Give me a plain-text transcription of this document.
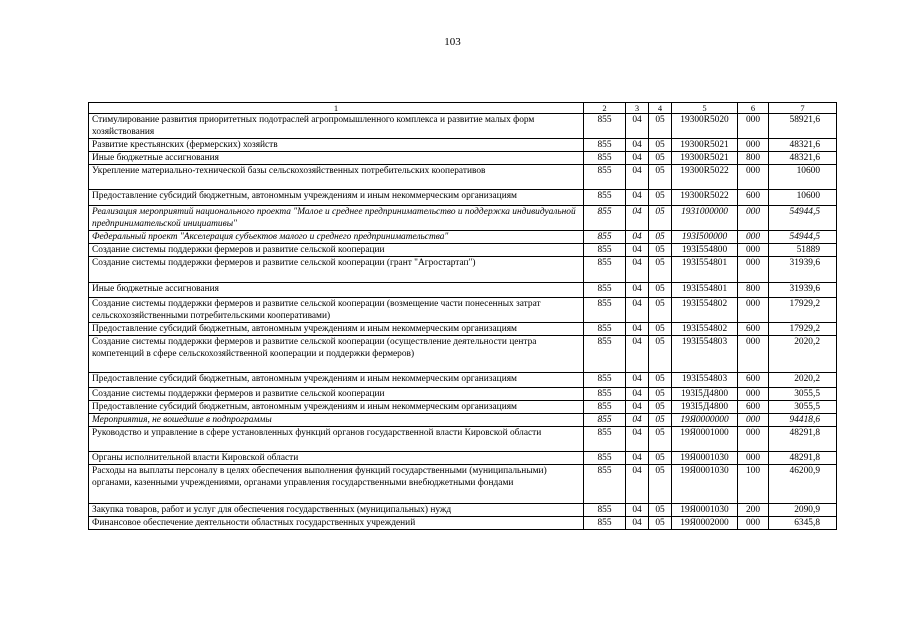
103
1	2	3	4	5	6	7
Стимулирование развития приоритетных подотраслей агропромышленного комплекса и развитие малых форм хозяйствования	855	04	05	19300R5020	000	58921,6
Развитие крестьянских (фермерских) хозяйств	855	04	05	19300R5021	000	48321,6
Иные бюджетные ассигнования	855	04	05	19300R5021	800	48321,6
Укрепление материально-технической базы сельскохозяйственных потребительских кооперативов	855	04	05	19300R5022	000	10600
Предоставление субсидий бюджетным, автономным учреждениям и иным некоммерческим организациям	855	04	05	19300R5022	600	10600
Реализация мероприятий национального проекта "Малое и среднее предпринимательство и поддержка индивидуальной предпринимательской инициативы"	855	04	05	1931000000	000	54944,5
Федеральный проект "Акселерация субъектов малого и среднего предпринимательства"	855	04	05	193I500000	000	54944,5
Создание системы поддержки фермеров и развитие сельской кооперации	855	04	05	193I554800	000	51889
Создание системы поддержки фермеров и развитие сельской кооперации (грант "Агростартап")	855	04	05	193I554801	000	31939,6
Иные бюджетные ассигнования	855	04	05	193I554801	800	31939,6
Создание системы поддержки фермеров и развитие сельской кооперации (возмещение части понесенных затрат сельскохозяйственными потребительскими кооперативами)	855	04	05	193I554802	000	17929,2
Предоставление субсидий бюджетным, автономным учреждениям и иным некоммерческим организациям	855	04	05	193I554802	600	17929,2
Создание системы поддержки фермеров и развитие сельской кооперации (осуществление деятельности центра компетенций в сфере сельскохозяйственной кооперации и поддержки фермеров)	855	04	05	193I554803	000	2020,2
Предоставление субсидий бюджетным, автономным учреждениям и иным некоммерческим организациям	855	04	05	193I554803	600	2020,2
Создание системы поддержки фермеров и развитие сельской кооперации	855	04	05	193I5Д4800	000	3055,5
Предоставление субсидий бюджетным, автономным учреждениям и иным некоммерческим организациям	855	04	05	193I5Д4800	600	3055,5
Мероприятия, не вошедшие в подпрограммы	855	04	05	19Я0000000	000	94418,6
Руководство и управление в сфере установленных функций органов государственной власти Кировской области	855	04	05	19Я0001000	000	48291,8
Органы исполнительной власти Кировской области	855	04	05	19Я0001030	000	48291,8
Расходы на выплаты персоналу в целях обеспечения выполнения функций государственными (муниципальными) органами, казенными учреждениями, органами управления государственными внебюджетными фондами	855	04	05	19Я0001030	100	46200,9
Закупка товаров, работ и услуг для обеспечения государственных (муниципальных) нужд	855	04	05	19Я0001030	200	2090,9
Финансовое обеспечение деятельности областных государственных учреждений	855	04	05	19Я0002000	000	6345,8
